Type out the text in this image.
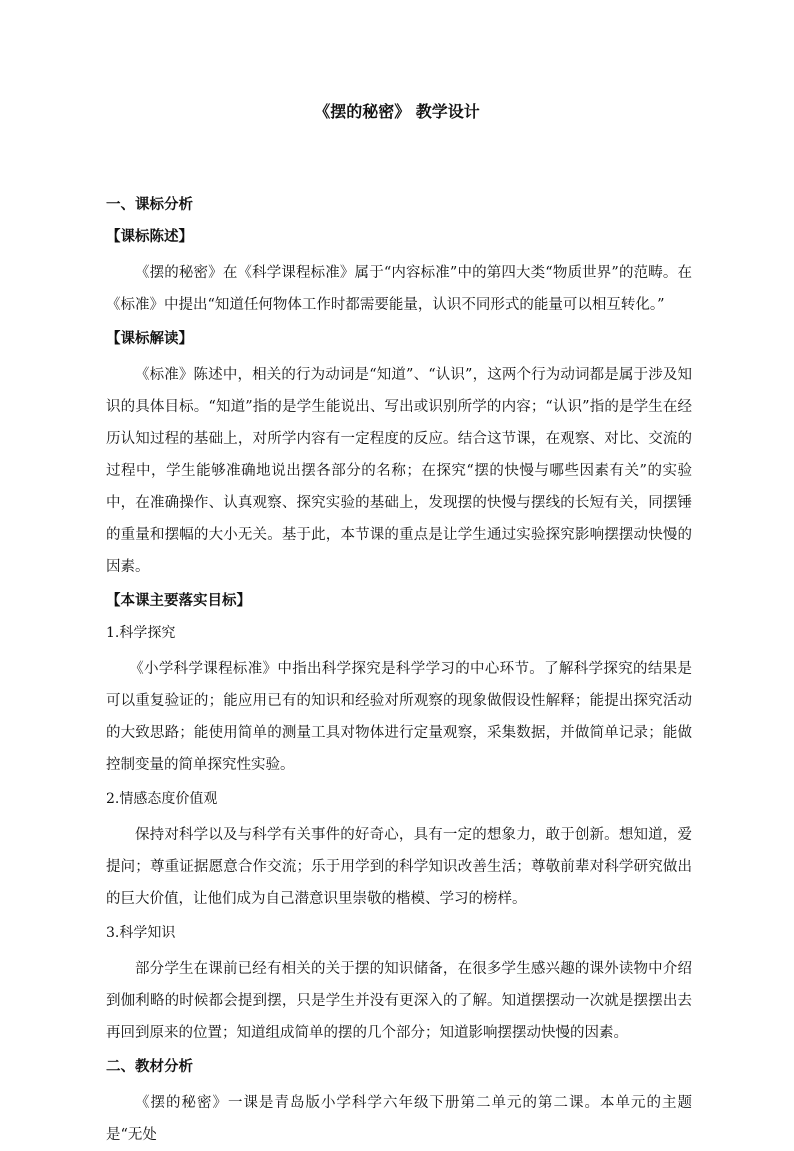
《摆的秘密》 教学设计
一、课标分析
【课标陈述】

《摆的秘密》在《科学课程标准》属于“内容标准”中的第四大类“物质世界”的范畴。在《标准》中提出“知道任何物体工作时都需要能量，认识不同形式的能量可以相互转化。”

【课标解读】

《标准》陈述中，相关的行为动词是“知道”、“认识”，这两个行为动词都是属于涉及知识的具体目标。“知道”指的是学生能说出、写出或识别所学的内容；“认识”指的是学生在经历认知过程的基础上，对所学内容有一定程度的反应。结合这节课，在观察、对比、交流的过程中，学生能够准确地说出摆各部分的名称；在探究“摆的快慢与哪些因素有关”的实验中，在准确操作、认真观察、探究实验的基础上，发现摆的快慢与摆线的长短有关，同摆锤的重量和摆幅的大小无关。基于此，本节课的重点是让学生通过实验探究影响摆摆动快慢的因素。

【本课主要落实目标】
1.科学探究

《小学科学课程标准》中指出科学探究是科学学习的中心环节。了解科学探究的结果是可以重复验证的；能应用已有的知识和经验对所观察的现象做假设性解释；能提出探究活动的大致思路；能使用简单的测量工具对物体进行定量观察，采集数据，并做简单记录；能做控制变量的简单探究性实验。

2.情感态度价值观

保持对科学以及与科学有关事件的好奇心，具有一定的想象力，敢于创新。想知道，爱提问；尊重证据愿意合作交流；乐于用学到的科学知识改善生活；尊敬前辈对科学研究做出的巨大价值，让他们成为自己潜意识里崇敬的楷模、学习的榜样。

3.科学知识

部分学生在课前已经有相关的关于摆的知识储备，在很多学生感兴趣的课外读物中介绍到伽利略的时候都会提到摆，只是学生并没有更深入的了解。知道摆摆动一次就是摆摆出去再回到原来的位置；知道组成简单的摆的几个部分；知道影响摆摆动快慢的因素。

二、教材分析

《摆的秘密》一课是青岛版小学科学六年级下册第二单元的第二课。本单元的主题是“无处
